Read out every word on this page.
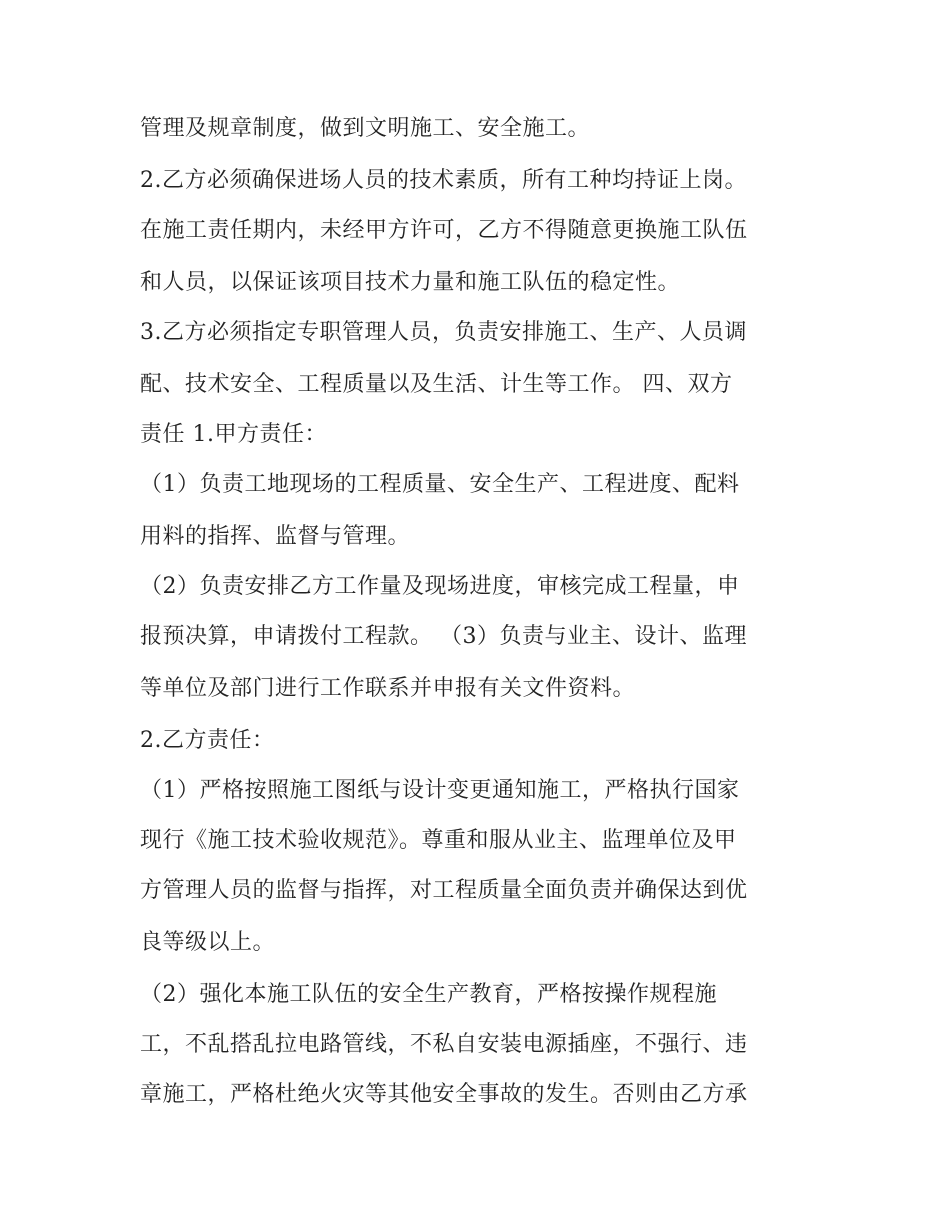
管理及规章制度，做到文明施工、安全施工。

2.乙方必须确保进场人员的技术素质，所有工种均持证上岗。

在施工责任期内，未经甲方许可，乙方不得随意更换施工队伍

和人员，以保证该项目技术力量和施工队伍的稳定性。

3.乙方必须指定专职管理人员，负责安排施工、生产、人员调

配、技术安全、工程质量以及生活、计生等工作。 四、双方

责任 1.甲方责任：

（1）负责工地现场的工程质量、安全生产、工程进度、配料

用料的指挥、监督与管理。

（2）负责安排乙方工作量及现场进度，审核完成工程量，申

报预决算，申请拨付工程款。 （3）负责与业主、设计、监理

等单位及部门进行工作联系并申报有关文件资料。

2.乙方责任：

（1）严格按照施工图纸与设计变更通知施工，严格执行国家

现行《施工技术验收规范》。尊重和服从业主、监理单位及甲

方管理人员的监督与指挥，对工程质量全面负责并确保达到优

良等级以上。

（2）强化本施工队伍的安全生产教育，严格按操作规程施

工，不乱搭乱拉电路管线，不私自安装电源插座，不强行、违

章施工，严格杜绝火灾等其他安全事故的发生。否则由乙方承
